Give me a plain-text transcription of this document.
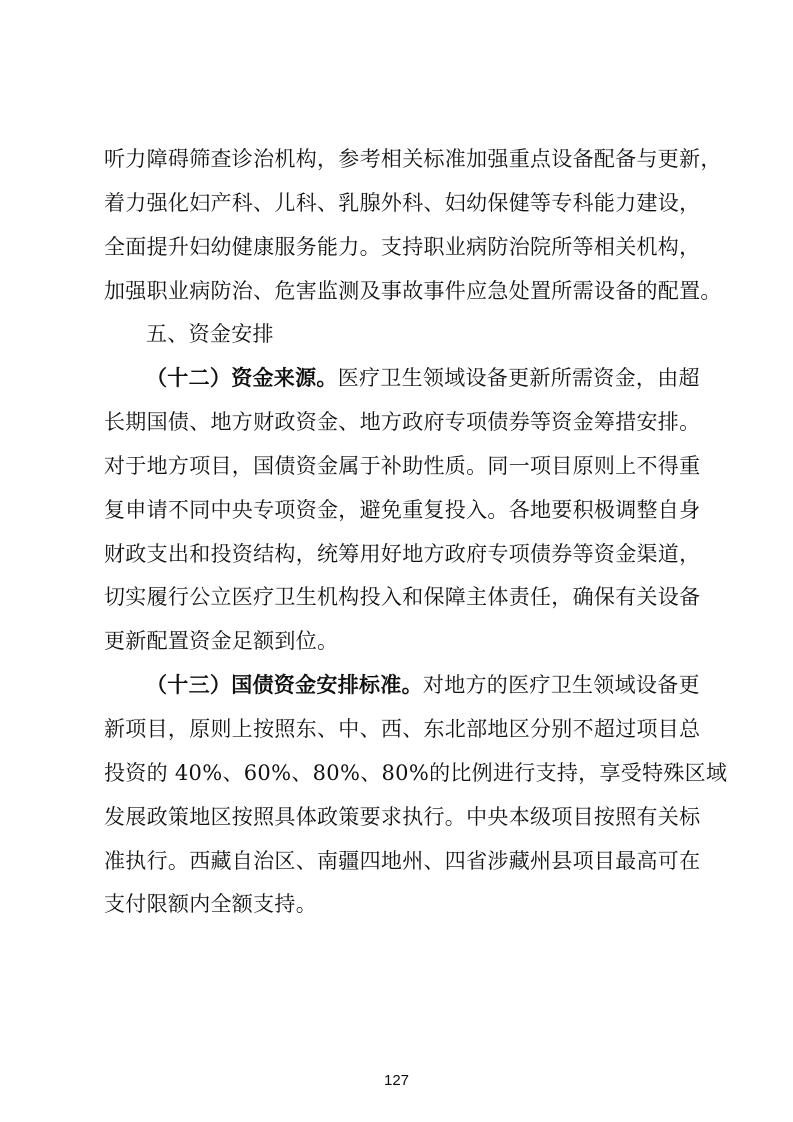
听力障碍筛查诊治机构，参考相关标准加强重点设备配备与更新，
着力强化妇产科、儿科、乳腺外科、妇幼保健等专科能力建设，
全面提升妇幼健康服务能力。支持职业病防治院所等相关机构，
加强职业病防治、危害监测及事故事件应急处置所需设备的配置。
五、资金安排
（十二）资金来源。医疗卫生领域设备更新所需资金，由超
长期国债、地方财政资金、地方政府专项债券等资金筹措安排。
对于地方项目，国债资金属于补助性质。同一项目原则上不得重
复申请不同中央专项资金，避免重复投入。各地要积极调整自身
财政支出和投资结构，统筹用好地方政府专项债券等资金渠道，
切实履行公立医疗卫生机构投入和保障主体责任，确保有关设备
更新配置资金足额到位。
（十三）国债资金安排标准。对地方的医疗卫生领域设备更
新项目，原则上按照东、中、西、东北部地区分别不超过项目总
投资的 40%、60%、80%、80%的比例进行支持，享受特殊区域
发展政策地区按照具体政策要求执行。中央本级项目按照有关标
准执行。西藏自治区、南疆四地州、四省涉藏州县项目最高可在
支付限额内全额支持。
127
